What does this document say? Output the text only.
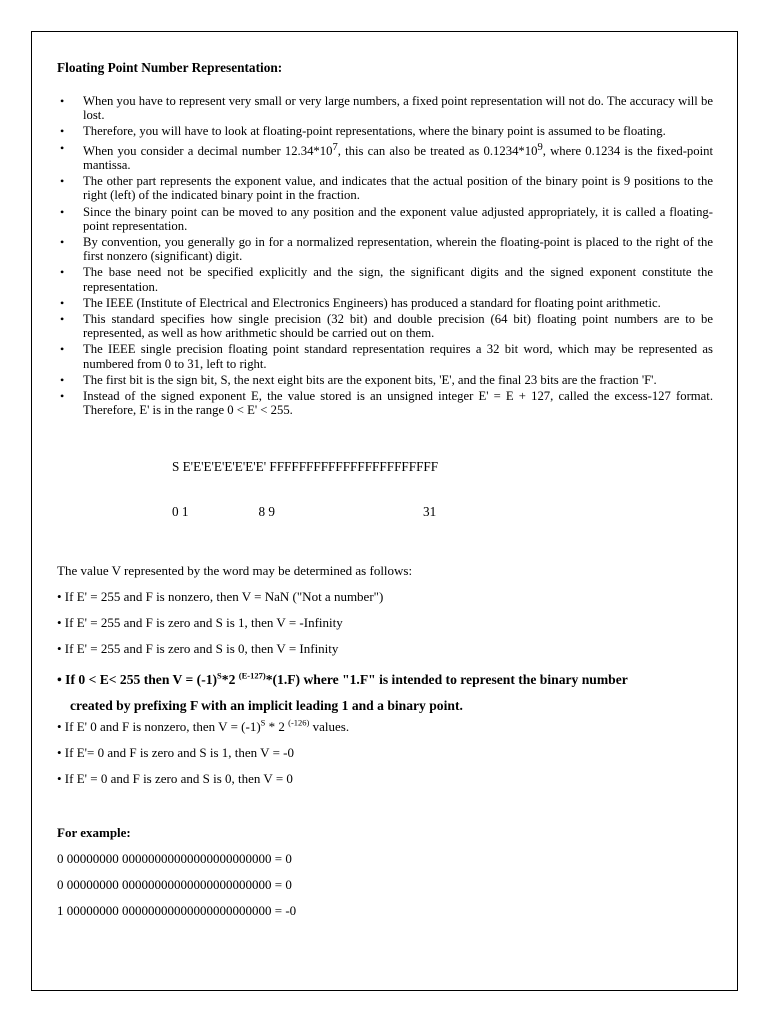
Floating Point Number Representation:
• When you have to represent very small or very large numbers, a fixed point representation will not do. The accuracy will be lost.
• Therefore, you will have to look at floating-point representations, where the binary point is assumed to be floating.
• When you consider a decimal number $12.34*10^7$, this can also be treated as $0.1234*10^9$, where 0.1234 is the fixed-point mantissa.
• The other part represents the exponent value, and indicates that the actual position of the binary point is 9 positions to the right (left) of the indicated binary point in the fraction.
• Since the binary point can be moved to any position and the exponent value adjusted appropriately, it is called a floating-point representation.
• By convention, you generally go in for a normalized representation, wherein the floating-point is placed to the right of the first nonzero (significant) digit.
• The base need not be specified explicitly and the sign, the significant digits and the signed exponent constitute the representation.
• The IEEE (Institute of Electrical and Electronics Engineers) has produced a standard for floating point arithmetic.
• This standard specifies how single precision (32 bit) and double precision (64 bit) floating point numbers are to be represented, as well as how arithmetic should be carried out on them.
• The IEEE single precision floating point standard representation requires a 32 bit word, which may be represented as numbered from 0 to 31, left to right.
• The first bit is the sign bit, S, the next eight bits are the exponent bits, 'E', and the final 23 bits are the fraction 'F'.
• Instead of the signed exponent E, the value stored is an unsigned integer E' = E + 127, called the excess-127 format. Therefore, E' is in the range 0 < E' < 255.

S E'E'E'E'E'E'E'E' FFFFFFFFFFFFFFFFFFFFFFF

0 1	8 9	31

The value V represented by the word may be determined as follows:
• If E' = 255 and F is nonzero, then V = NaN ("Not a number")
• If E' = 255 and F is zero and S is 1, then V = -Infinity
• If E' = 255 and F is zero and S is 0, then V = Infinity
• If 0 < E< 255 then $V = (-1)^S*2$ $^{(E-127)}$*(1.F) where "1.F" is intended to represent the binary number
created by prefixing F with an implicit leading 1 and a binary point.
• If E' 0 and F is nonzero, then $V = (-1)^S * 2$ $^{(-126)}$ values.
• If E'= 0 and F is zero and S is 1, then V = -0
• If E' = 0 and F is zero and S is 0, then V = 0
For example:
0 00000000 00000000000000000000000 = 0
0 00000000 00000000000000000000000 = 0
1 00000000 00000000000000000000000 = -0
